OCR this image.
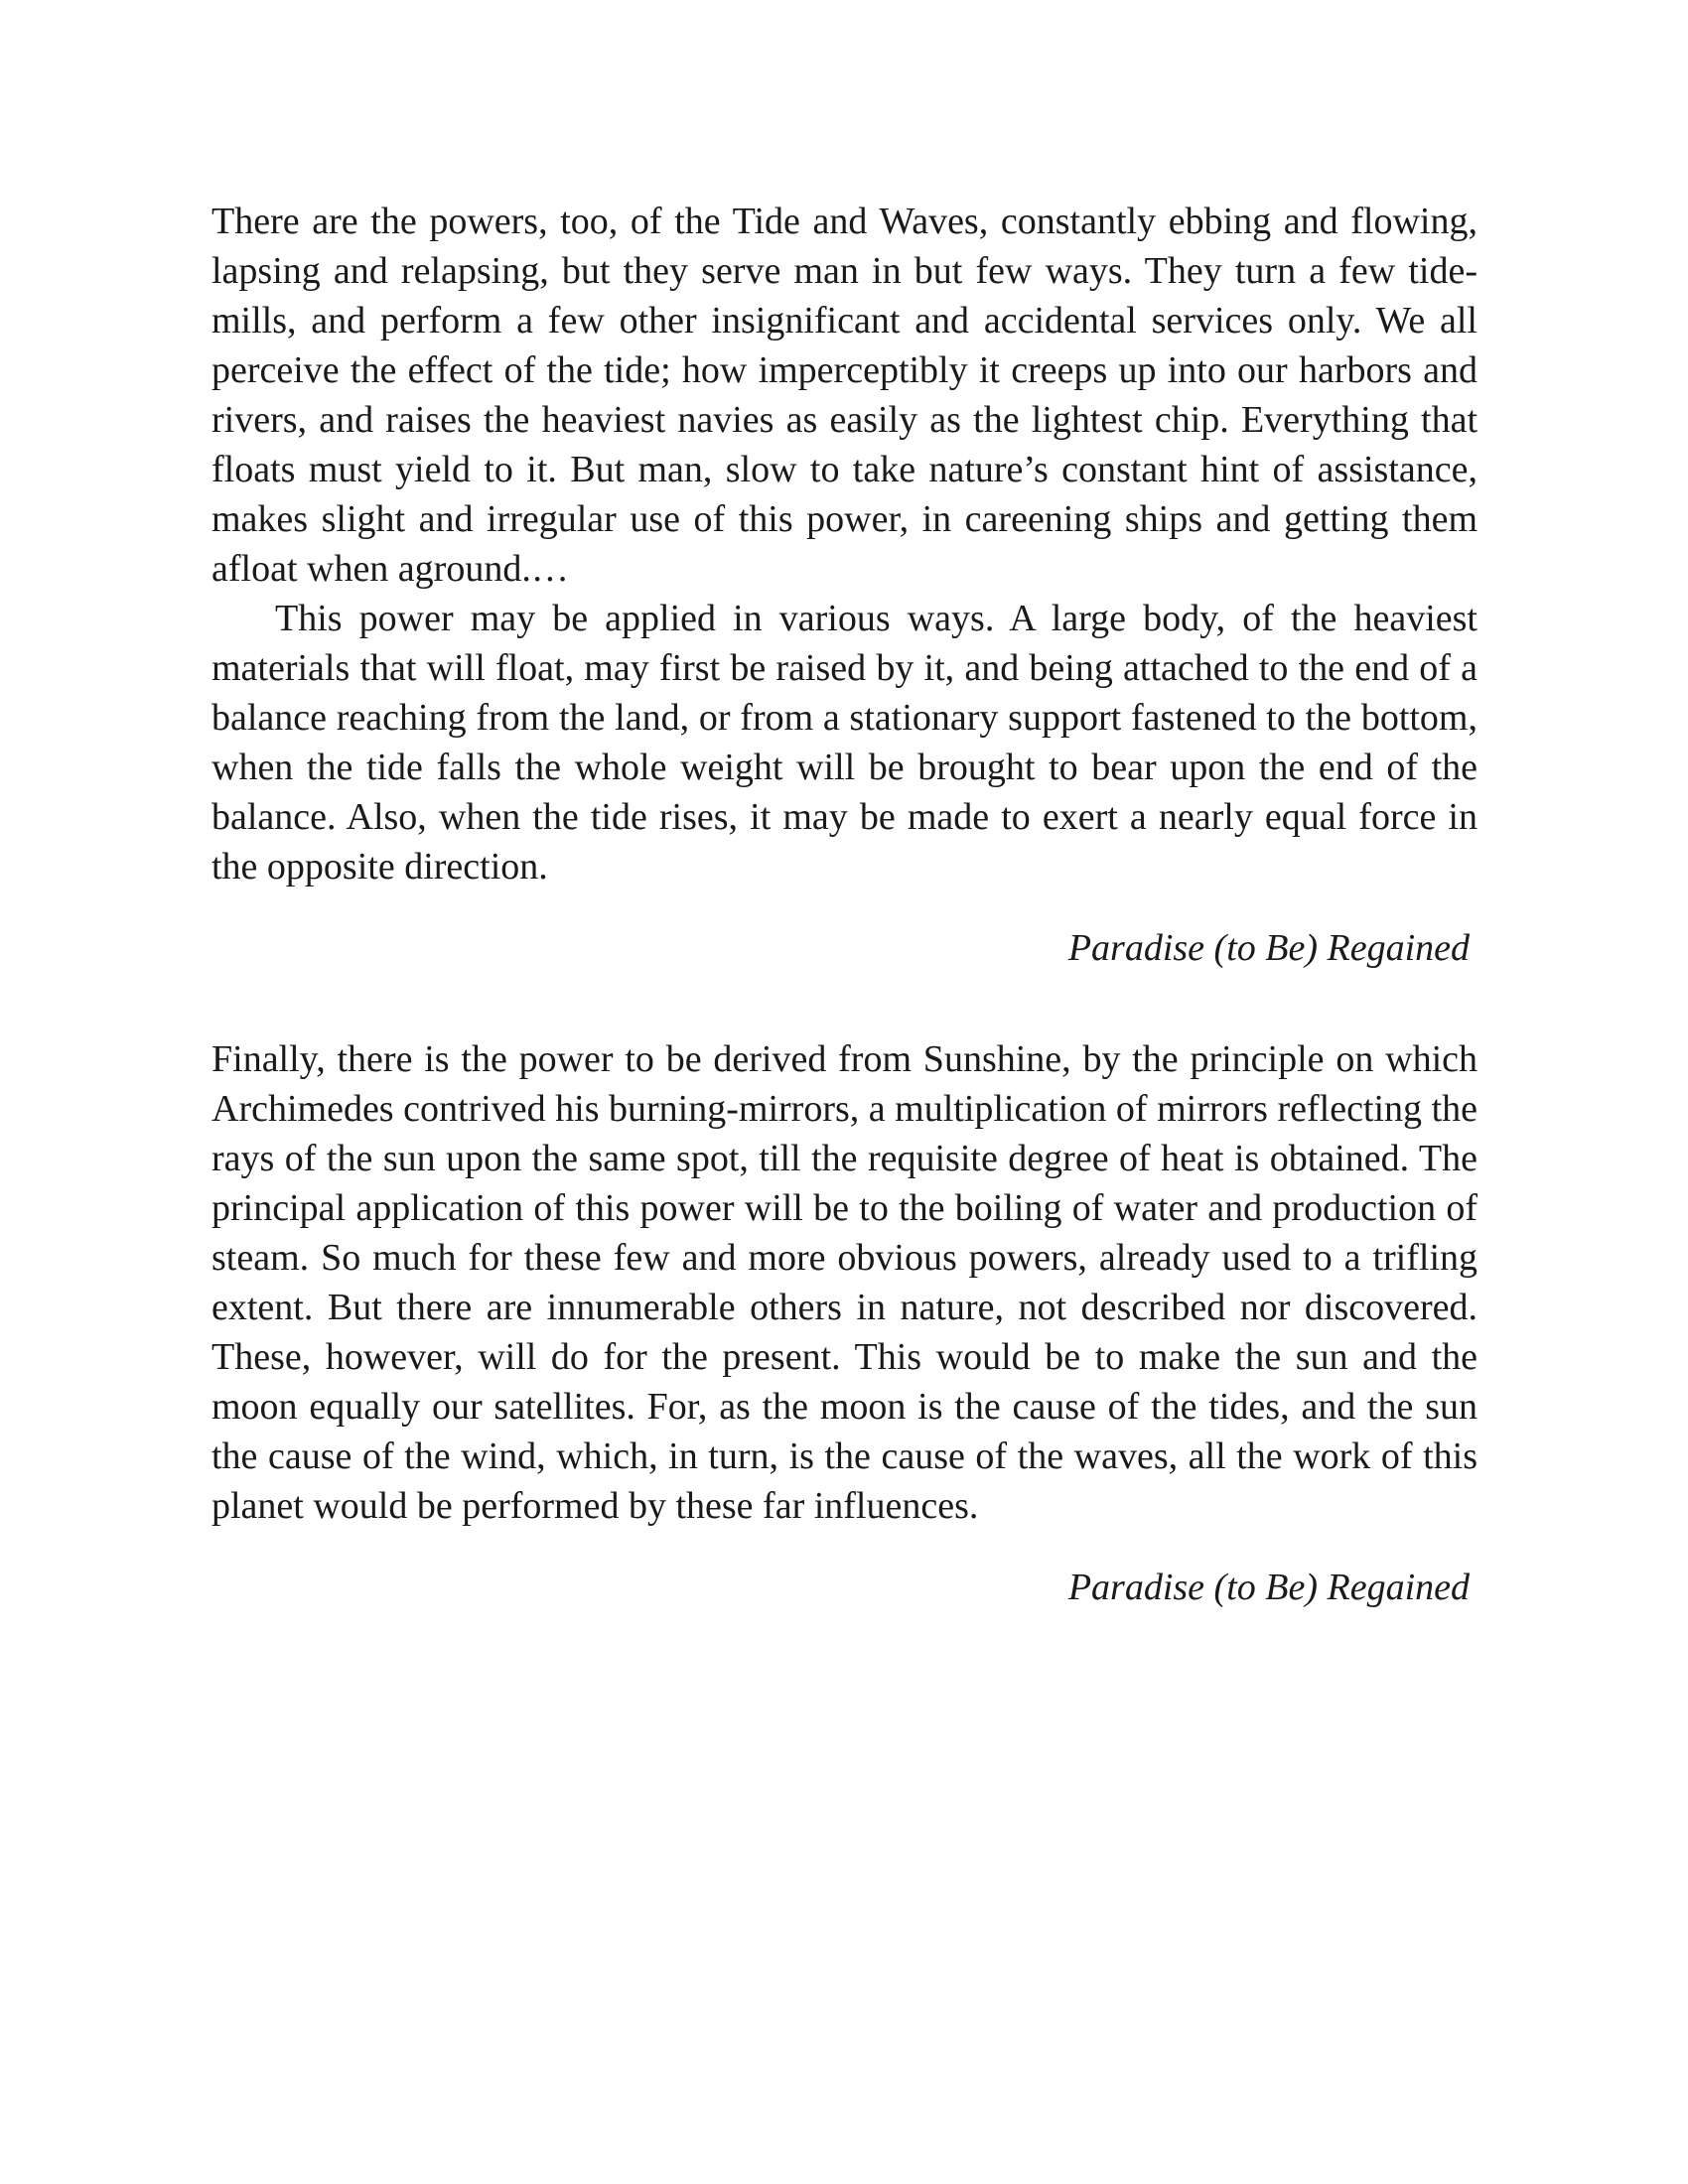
There are the powers, too, of the Tide and Waves, constantly ebbing and flowing, lapsing and relapsing, but they serve man in but few ways. They turn a few tide-mills, and perform a few other insignificant and accidental services only. We all perceive the effect of the tide; how imperceptibly it creeps up into our harbors and rivers, and raises the heaviest navies as easily as the lightest chip. Everything that floats must yield to it. But man, slow to take nature’s constant hint of assistance, makes slight and irregular use of this power, in careening ships and getting them afloat when aground.…

This power may be applied in various ways. A large body, of the heaviest materials that will float, may first be raised by it, and being attached to the end of a balance reaching from the land, or from a stationary support fastened to the bottom, when the tide falls the whole weight will be brought to bear upon the end of the balance. Also, when the tide rises, it may be made to exert a nearly equal force in the opposite direction.

Paradise (to Be) Regained

Finally, there is the power to be derived from Sunshine, by the principle on which Archimedes contrived his burning-mirrors, a multiplication of mirrors reflecting the rays of the sun upon the same spot, till the requisite degree of heat is obtained. The principal application of this power will be to the boiling of water and production of steam. So much for these few and more obvious powers, already used to a trifling extent. But there are innumerable others in nature, not described nor discovered. These, however, will do for the present. This would be to make the sun and the moon equally our satellites. For, as the moon is the cause of the tides, and the sun the cause of the wind, which, in turn, is the cause of the waves, all the work of this planet would be performed by these far influences.

Paradise (to Be) Regained
